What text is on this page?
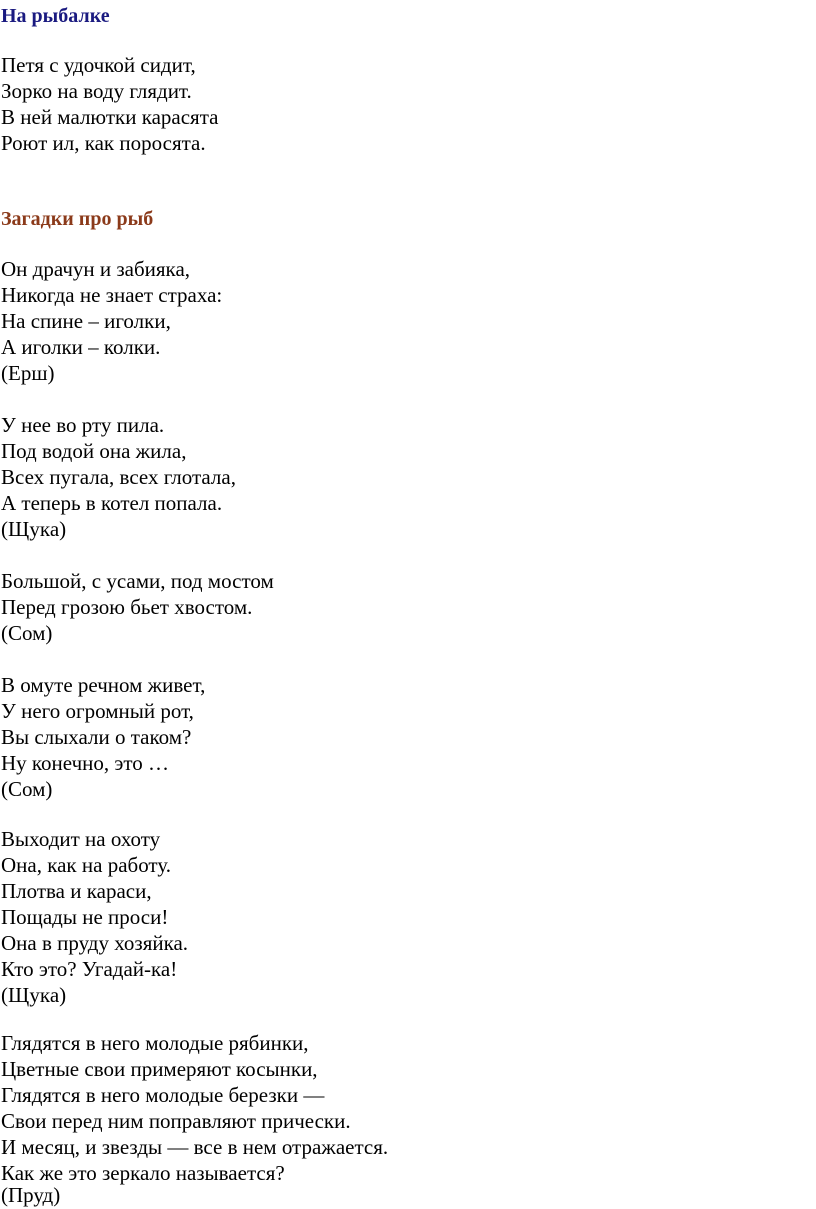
На рыбалке

Петя с удочкой сидит,

Зорко на воду глядит.

В ней малютки карасята

Роют ил, как поросята.

Загадки про рыб

Он драчун и забияка,

Никогда не знает страха:

На спине – иголки,

А иголки – колки.

(Ерш)

У нее во рту пила.

Под водой она жила,

Всех пугала, всех глотала,

А теперь в котел попала.

(Щука)

Большой, с усами, под мостом

Перед грозою бьет хвостом.

(Сом)

В омуте речном живет,

У него огромный рот,

Вы слыхали о таком?

Ну конечно, это …

(Сом)

Выходит на охоту

Она, как на работу.

Плотва и караси,

Пощады не проси!

Она в пруду хозяйка.

Кто это? Угадай-ка!

(Щука)

Глядятся в него молодые рябинки,

Цветные свои примеряют косынки,

Глядятся в него молодые березки —

Свои перед ним поправляют прически.

И месяц, и звезды — все в нем отражается.

Как же это зеркало называется?

(Пруд)
